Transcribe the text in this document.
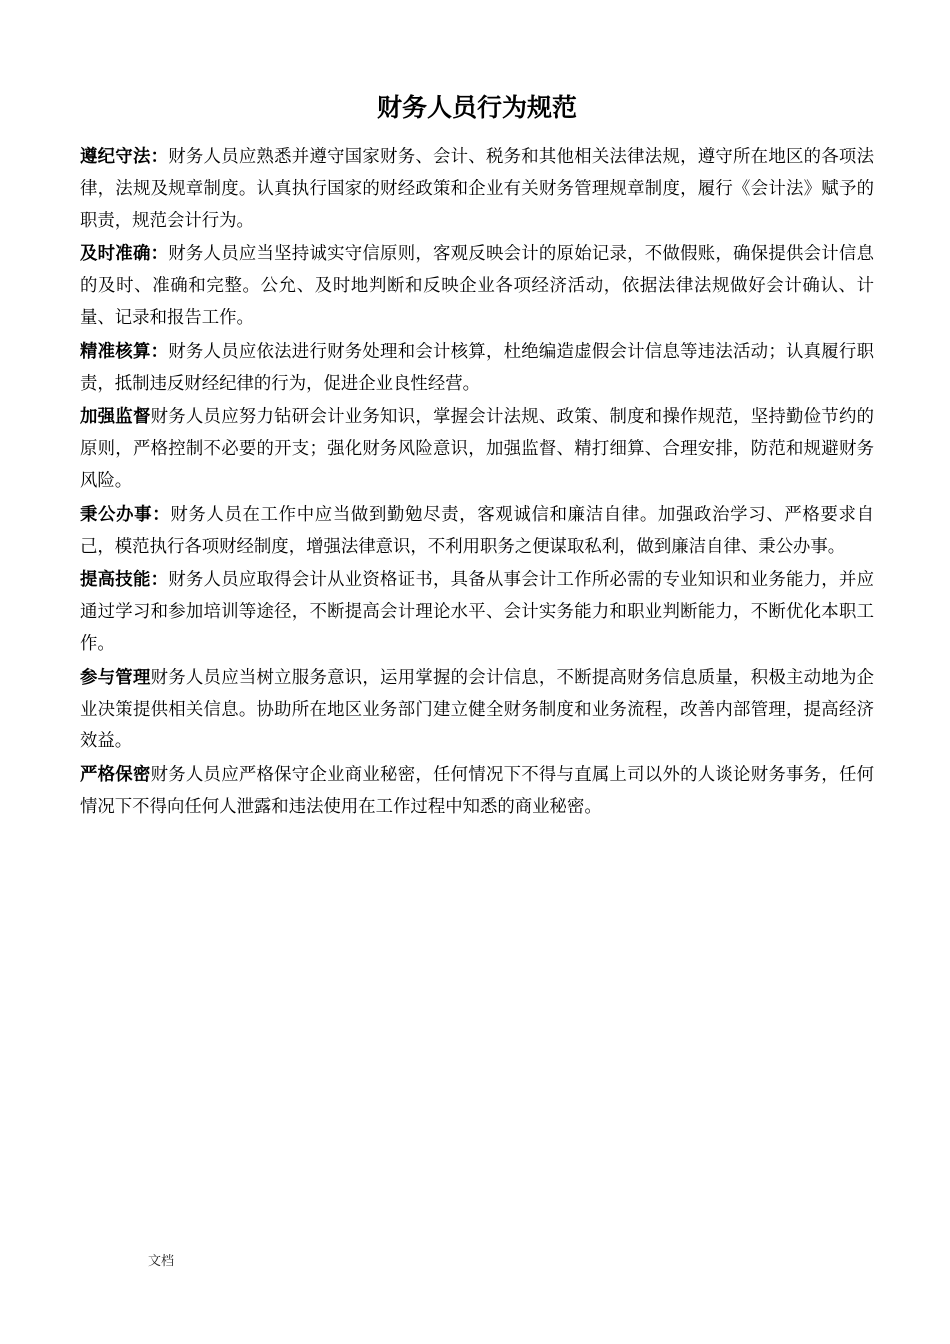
财务人员行为规范

遵纪守法：财务人员应熟悉并遵守国家财务、会计、税务和其他相关法律法规，遵守所在地区的各项法律，法规及规章制度。认真执行国家的财经政策和企业有关财务管理规章制度，履行《会计法》赋予的职责，规范会计行为。

及时准确：财务人员应当坚持诚实守信原则，客观反映会计的原始记录，不做假账，确保提供会计信息的及时、准确和完整。公允、及时地判断和反映企业各项经济活动，依据法律法规做好会计确认、计量、记录和报告工作。

精准核算：财务人员应依法进行财务处理和会计核算，杜绝编造虚假会计信息等违法活动；认真履行职责，抵制违反财经纪律的行为，促进企业良性经营。

加强监督财务人员应努力钻研会计业务知识，掌握会计法规、政策、制度和操作规范，坚持勤俭节约的原则，严格控制不必要的开支；强化财务风险意识，加强监督、精打细算、合理安排，防范和规避财务风险。

秉公办事：财务人员在工作中应当做到勤勉尽责，客观诚信和廉洁自律。加强政治学习、严格要求自己，模范执行各项财经制度，增强法律意识，不利用职务之便谋取私利，做到廉洁自律、秉公办事。

提高技能：财务人员应取得会计从业资格证书，具备从事会计工作所必需的专业知识和业务能力，并应通过学习和参加培训等途径，不断提高会计理论水平、会计实务能力和职业判断能力，不断优化本职工作。

参与管理财务人员应当树立服务意识，运用掌握的会计信息，不断提高财务信息质量，积极主动地为企业决策提供相关信息。协助所在地区业务部门建立健全财务制度和业务流程，改善内部管理，提高经济效益。

严格保密财务人员应严格保守企业商业秘密，任何情况下不得与直属上司以外的人谈论财务事务，任何情况下不得向任何人泄露和违法使用在工作过程中知悉的商业秘密。

文档
